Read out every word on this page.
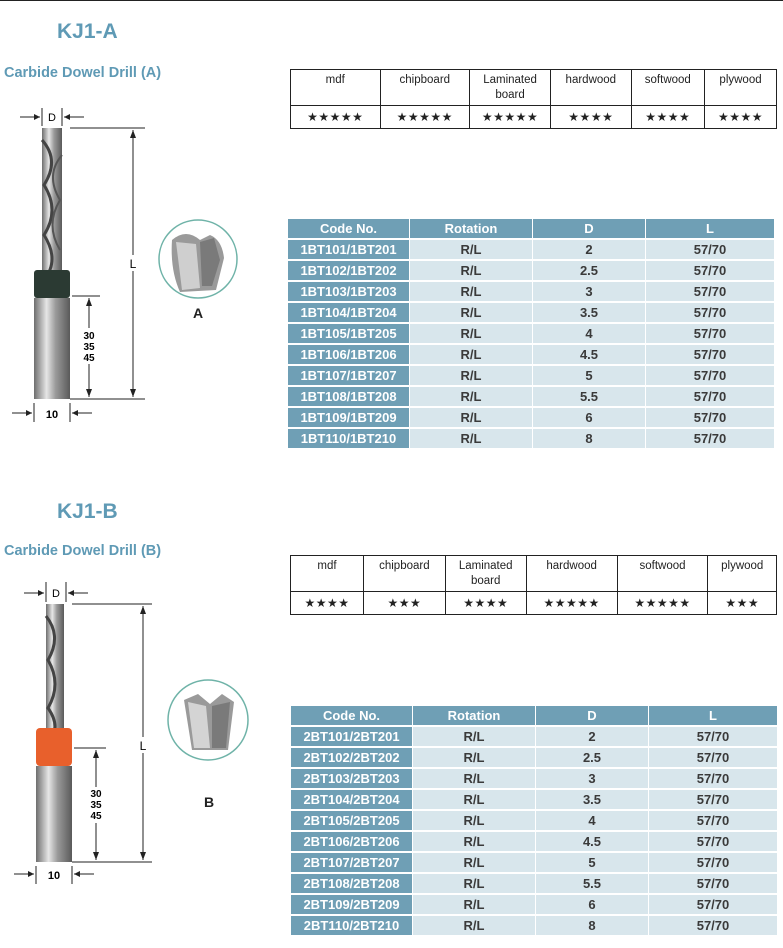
KJ1-A
Carbide Dowel Drill (A)	mdf	chipboard	Laminated board	hardwood	softwood	plywood
★★★★★	★★★★★	★★★★★	★★★★	★★★★	★★★★
Code No.	Rotation	D	L
1BT101/1BT201	R/L	2	57/70
1BT102/1BT202	R/L	2.5	57/70
1BT103/1BT203	R/L	3	57/70
1BT104/1BT204	R/L	3.5	57/70
1BT105/1BT205	R/L	4	57/70
1BT106/1BT206	R/L	4.5	57/70
1BT107/1BT207	R/L	5	57/70
1BT108/1BT208	R/L	5.5	57/70
1BT109/1BT209	R/L	6	57/70
1BT110/1BT210	R/L	8	57/70
D
L
30
35
45
10
A
KJ1-B
Carbide Dowel Drill (B)
mdf	chipboard	Laminated board	hardwood	softwood	plywood
★★★★	★★★	★★★★	★★★★★	★★★★★	★★★
Code No.	Rotation	D	L
2BT101/2BT201	R/L	2	57/70
2BT102/2BT202	R/L	2.5	57/70
2BT103/2BT203	R/L	3	57/70
2BT104/2BT204	R/L	3.5	57/70
2BT105/2BT205	R/L	4	57/70
2BT106/2BT206	R/L	4.5	57/70
2BT107/2BT207	R/L	5	57/70
2BT108/2BT208	R/L	5.5	57/70
2BT109/2BT209	R/L	6	57/70
2BT110/2BT210	R/L	8	57/70
D
L
30
35
45
10
B
